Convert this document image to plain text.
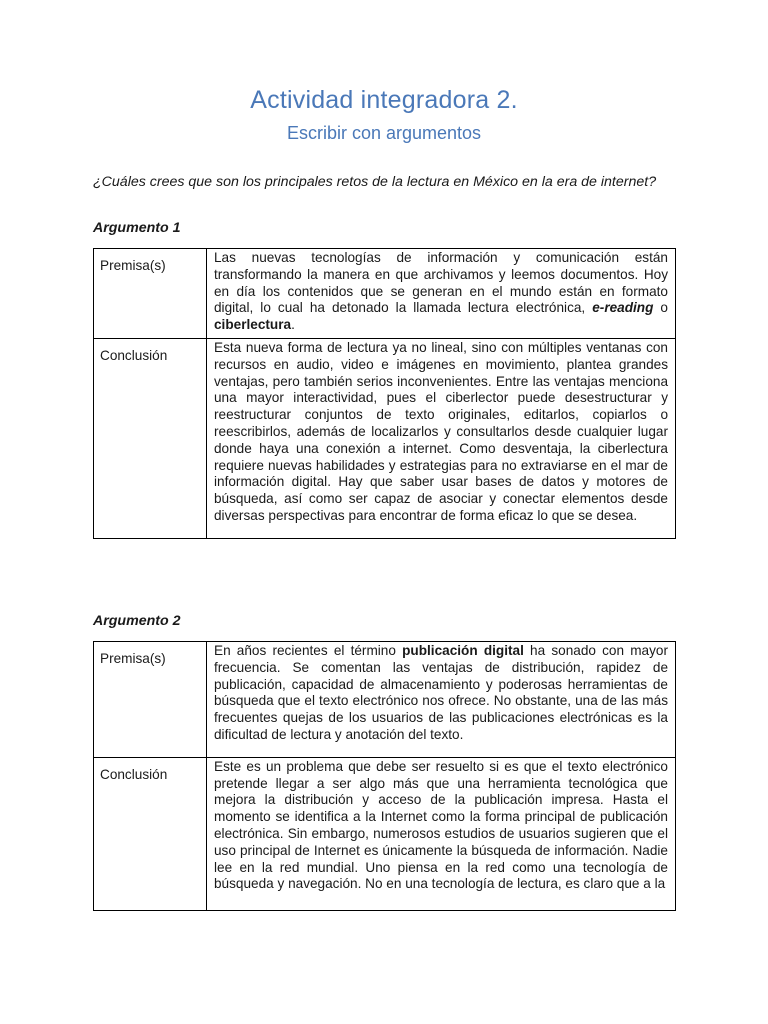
Actividad integradora 2.
Escribir con argumentos
¿Cuáles crees que son los principales retos de la lectura en México en la era de internet?
Argumento 1
Premisa(s)	Las nuevas tecnologías de información y comunicación están transformando la manera en que archivamos y leemos documentos. Hoy en día los contenidos que se generan en el mundo están en formato digital, lo cual ha detonado la llamada lectura electrónica, e-reading o ciberlectura.
Conclusión	Esta nueva forma de lectura ya no lineal, sino con múltiples ventanas con recursos en audio, video e imágenes en movimiento, plantea grandes ventajas, pero también serios inconvenientes. Entre las ventajas menciona una mayor interactividad, pues el ciberlector puede desestructurar y reestructurar conjuntos de texto originales, editarlos, copiarlos o reescribirlos, además de localizarlos y consultarlos desde cualquier lugar donde haya una conexión a internet. Como desventaja, la ciberlectura requiere nuevas habilidades y estrategias para no extraviarse en el mar de información digital. Hay que saber usar bases de datos y motores de búsqueda, así como ser capaz de asociar y conectar elementos desde diversas perspectivas para encontrar de forma eficaz lo que se desea.
Argumento 2
Premisa(s)	En años recientes el término publicación digital ha sonado con mayor frecuencia. Se comentan las ventajas de distribución, rapidez de publicación, capacidad de almacenamiento y poderosas herramientas de búsqueda que el texto electrónico nos ofrece. No obstante, una de las más frecuentes quejas de los usuarios de las publicaciones electrónicas es la dificultad de lectura y anotación del texto.
Conclusión	Este es un problema que debe ser resuelto si es que el texto electrónico pretende llegar a ser algo más que una herramienta tecnológica que mejora la distribución y acceso de la publicación impresa. Hasta el momento se identifica a la Internet como la forma principal de publicación electrónica. Sin embargo, numerosos estudios de usuarios sugieren que el uso principal de Internet es únicamente la búsqueda de información. Nadie lee en la red mundial. Uno piensa en la red como una tecnología de búsqueda y navegación. No en una tecnología de lectura, es claro que a la
